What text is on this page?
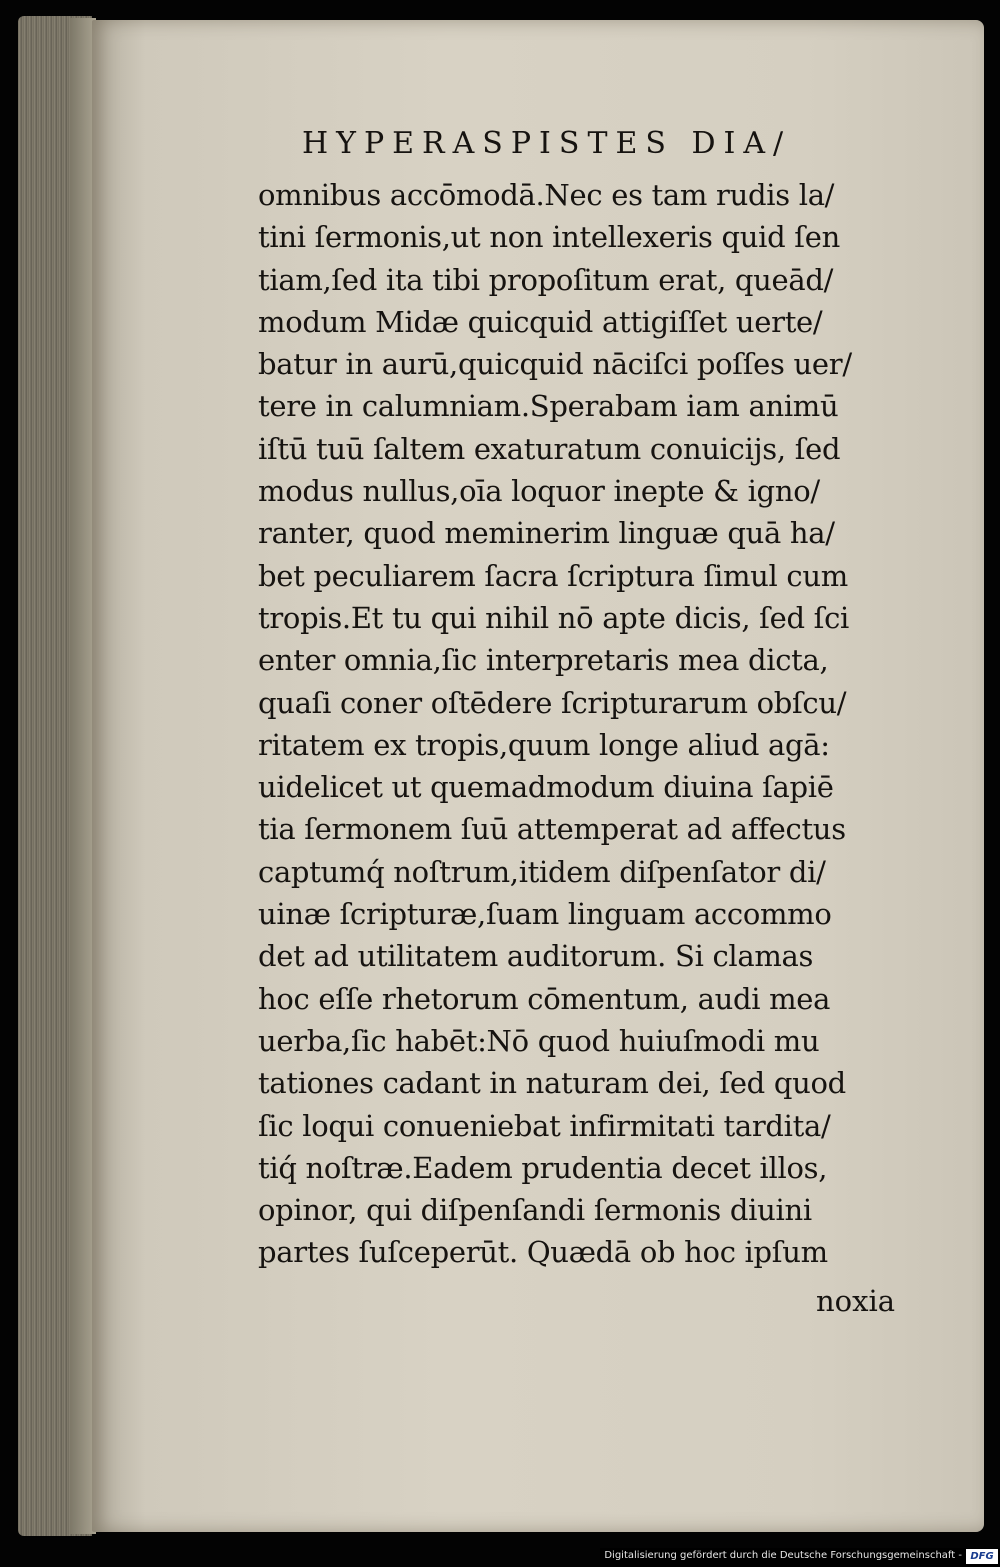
HYPERASPISTES DIA/
omnibus accōmodā.Nec es tam rudis la/
tini ſermonis,ut non intellexeris quid ſen
tiam,ſed ita tibi propoſitum erat, queād/
modum Midæ quicquid attigiſſet uerte/
batur in aurū,quicquid nāciſci poſſes uer/
tere in calumniam.Sperabam iam animū
iſtū tuū ſaltem exaturatum conuicijs, ſed
modus nullus,oīa loquor inepte & igno/
ranter, quod meminerim linguæ quā ha/
bet peculiarem ſacra ſcriptura ſimul cum
tropis.Et tu qui nihil nō apte dicis, ſed ſci
enter omnia,ſic interpretaris mea dicta,
quaſi coner oſtēdere ſcripturarum obſcu/
ritatem ex tropis,quum longe aliud agā:
uidelicet ut quemadmodum diuina ſapiē
tia ſermonem ſuū attemperat ad affectus
captumq́ noſtrum,itidem diſpenſator di/
uinæ ſcripturæ,ſuam linguam accommo
det ad utilitatem auditorum. Si clamas
hoc eſſe rhetorum cōmentum, audi mea
uerba,ſic habēt:Nō quod huiuſmodi mu
tationes cadant in naturam dei, ſed quod
ſic loqui conueniebat infirmitati tardita/
tiq́ noſtræ.Eadem prudentia decet illos,
opinor, qui diſpenſandi ſermonis diuini
partes ſuſceperūt. Quædā ob hoc ipſum
noxia
Digitalisierung gefördert durch die Deutsche Forschungsgemeinschaft - DFG
